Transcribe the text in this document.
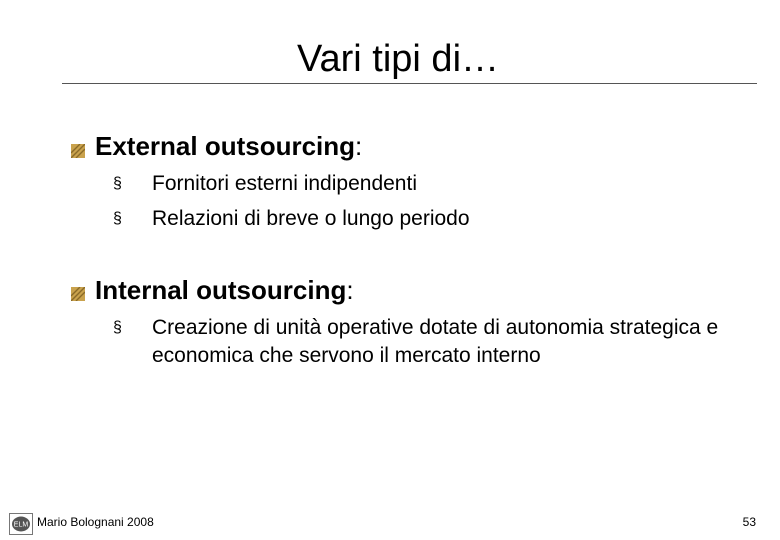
Vari tipi di…
External outsourcing:
§ Fornitori esterni indipendenti
§ Relazioni di breve o lungo periodo
Internal outsourcing:
§ Creazione di unità operative dotate di autonomia strategica e economica che servono il mercato interno
ELM Mario Bolognani 2008	53
